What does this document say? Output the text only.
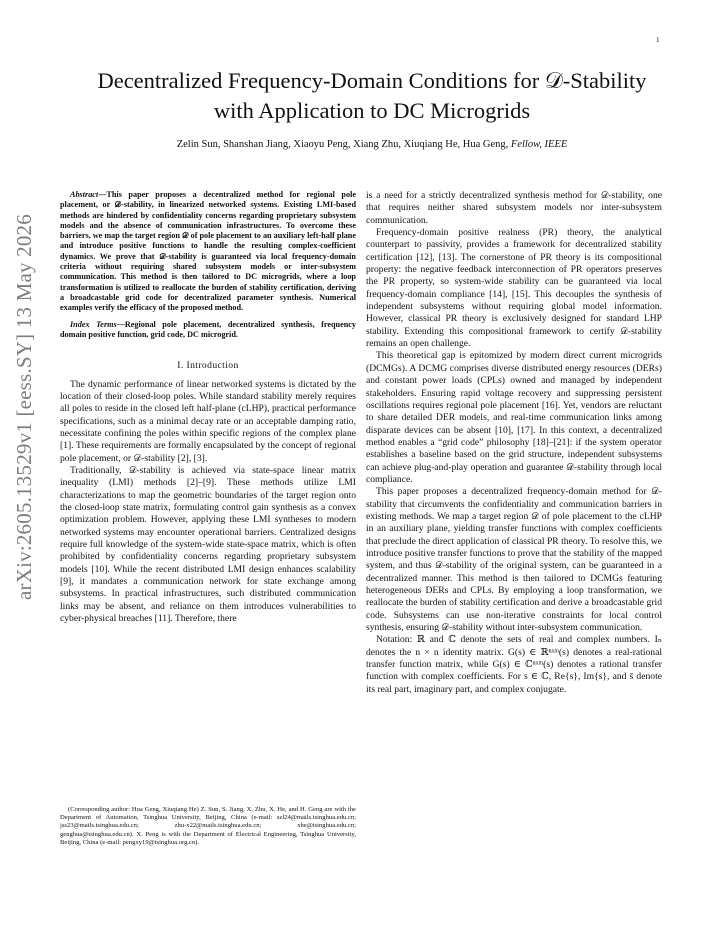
1
arXiv:2605.13529v1 [eess.SY] 13 May 2026
Decentralized Frequency-Domain Conditions for 𝒟-Stability
with Application to DC Microgrids
Zelin Sun, Shanshan Jiang, Xiaoyu Peng, Xiang Zhu, Xiuqiang He, Hua Geng, Fellow, IEEE

Abstract—This paper proposes a decentralized method for regional pole placement, or 𝒟-stability, in linearized networked systems. Existing LMI-based methods are hindered by confidentiality concerns regarding proprietary subsystem models and the absence of communication infrastructures. To overcome these barriers, we map the target region 𝒟 of pole placement to an auxiliary left-half plane and introduce positive functions to handle the resulting complex-coefficient dynamics. We prove that 𝒟-stability is guaranteed via local frequency-domain criteria without requiring shared subsystem models or inter-subsystem communication. This method is then tailored to DC microgrids, where a loop transformation is utilized to reallocate the burden of stability certification, deriving a broadcastable grid code for decentralized parameter synthesis. Numerical examples verify the efficacy of the proposed method.

Index Terms—Regional pole placement, decentralized synthesis, frequency domain positive function, grid code, DC microgrid.

I. Introduction

The dynamic performance of linear networked systems is dictated by the location of their closed-loop poles. While standard stability merely requires all poles to reside in the closed left half-plane (cLHP), practical performance specifications, such as a minimal decay rate or an acceptable damping ratio, necessitate confining the poles within specific regions of the complex plane [1]. These requirements are formally encapsulated by the concept of regional pole placement, or 𝒟-stability [2], [3].

Traditionally, 𝒟-stability is achieved via state-space linear matrix inequality (LMI) methods [2]–[9]. These methods utilize LMI characterizations to map the geometric boundaries of the target region onto the closed-loop state matrix, formulating control gain synthesis as a convex optimization problem. However, applying these LMI syntheses to modern networked systems may encounter operational barriers. Centralized designs require full knowledge of the system-wide state-space matrix, which is often prohibited by confidentiality concerns regarding proprietary subsystem models [10]. While the recent distributed LMI design enhances scalability [9], it mandates a communication network for state exchange among subsystems. In practical infrastructures, such distributed communication links may be absent, and reliance on them introduces vulnerabilities to cyber-physical breaches [11]. Therefore, there

(Corresponding author: Hua Geng, Xiuqiang He) Z. Sun, S. Jiang, X. Zhu, X. He, and H. Geng are with the Department of Automation, Tsinghua University, Beijing, China (e-mail: szl24@mails.tsinghua.edu.cn; jss23@mails.tsinghua.edu.cn; zhu-x22@mails.tsinghua.edu.cn; xhe@tsinghua.edu.cn; genghua@tsinghua.edu.cn). X. Peng is with the Department of Electrical Engineering, Tsinghua University, Beijing, China (e-mail: pengxy19@tsinghua.org.cn).

is a need for a strictly decentralized synthesis method for 𝒟-stability, one that requires neither shared subsystem models nor inter-subsystem communication.

Frequency-domain positive realness (PR) theory, the analytical counterpart to passivity, provides a framework for decentralized stability certification [12], [13]. The cornerstone of PR theory is its compositional property: the negative feedback interconnection of PR operators preserves the PR property, so system-wide stability can be guaranteed via local frequency-domain compliance [14], [15]. This decouples the synthesis of independent subsystems without requiring global model information. However, classical PR theory is exclusively designed for standard LHP stability. Extending this compositional framework to certify 𝒟-stability remains an open challenge.

This theoretical gap is epitomized by modern direct current microgrids (DCMGs). A DCMG comprises diverse distributed energy resources (DERs) and constant power loads (CPLs) owned and managed by independent stakeholders. Ensuring rapid voltage recovery and suppressing persistent oscillations requires regional pole placement [16]. Yet, vendors are reluctant to share detailed DER models, and real-time communication links among disparate devices can be absent [10], [17]. In this context, a decentralized method enables a “grid code” philosophy [18]–[21]: if the system operator establishes a baseline based on the grid structure, independent subsystems can achieve plug-and-play operation and guarantee 𝒟-stability through local compliance.

This paper proposes a decentralized frequency-domain method for 𝒟-stability that circumvents the confidentiality and communication barriers in existing methods. We map a target region 𝒟 of pole placement to the cLHP in an auxiliary plane, yielding transfer functions with complex coefficients that preclude the direct application of classical PR theory. To resolve this, we introduce positive transfer functions to prove that the stability of the mapped system, and thus 𝒟-stability of the original system, can be guaranteed in a decentralized manner. This method is then tailored to DCMGs featuring heterogeneous DERs and CPLs. By employing a loop transformation, we reallocate the burden of stability certification and derive a broadcastable grid code. Subsystems can use non-iterative constraints for local control synthesis, ensuring 𝒟-stability without inter-subsystem communication.

Notation: ℝ and ℂ denote the sets of real and complex numbers. Iₙ denotes the n × n identity matrix. G(s) ∈ ℝⁿˣᵐ(s) denotes a real-rational transfer function matrix, while G(s) ∈ ℂⁿˣᵐ(s) denotes a rational transfer function with complex coefficients. For s ∈ ℂ, Re{s}, Im{s}, and s̄ denote its real part, imaginary part, and complex conjugate.
